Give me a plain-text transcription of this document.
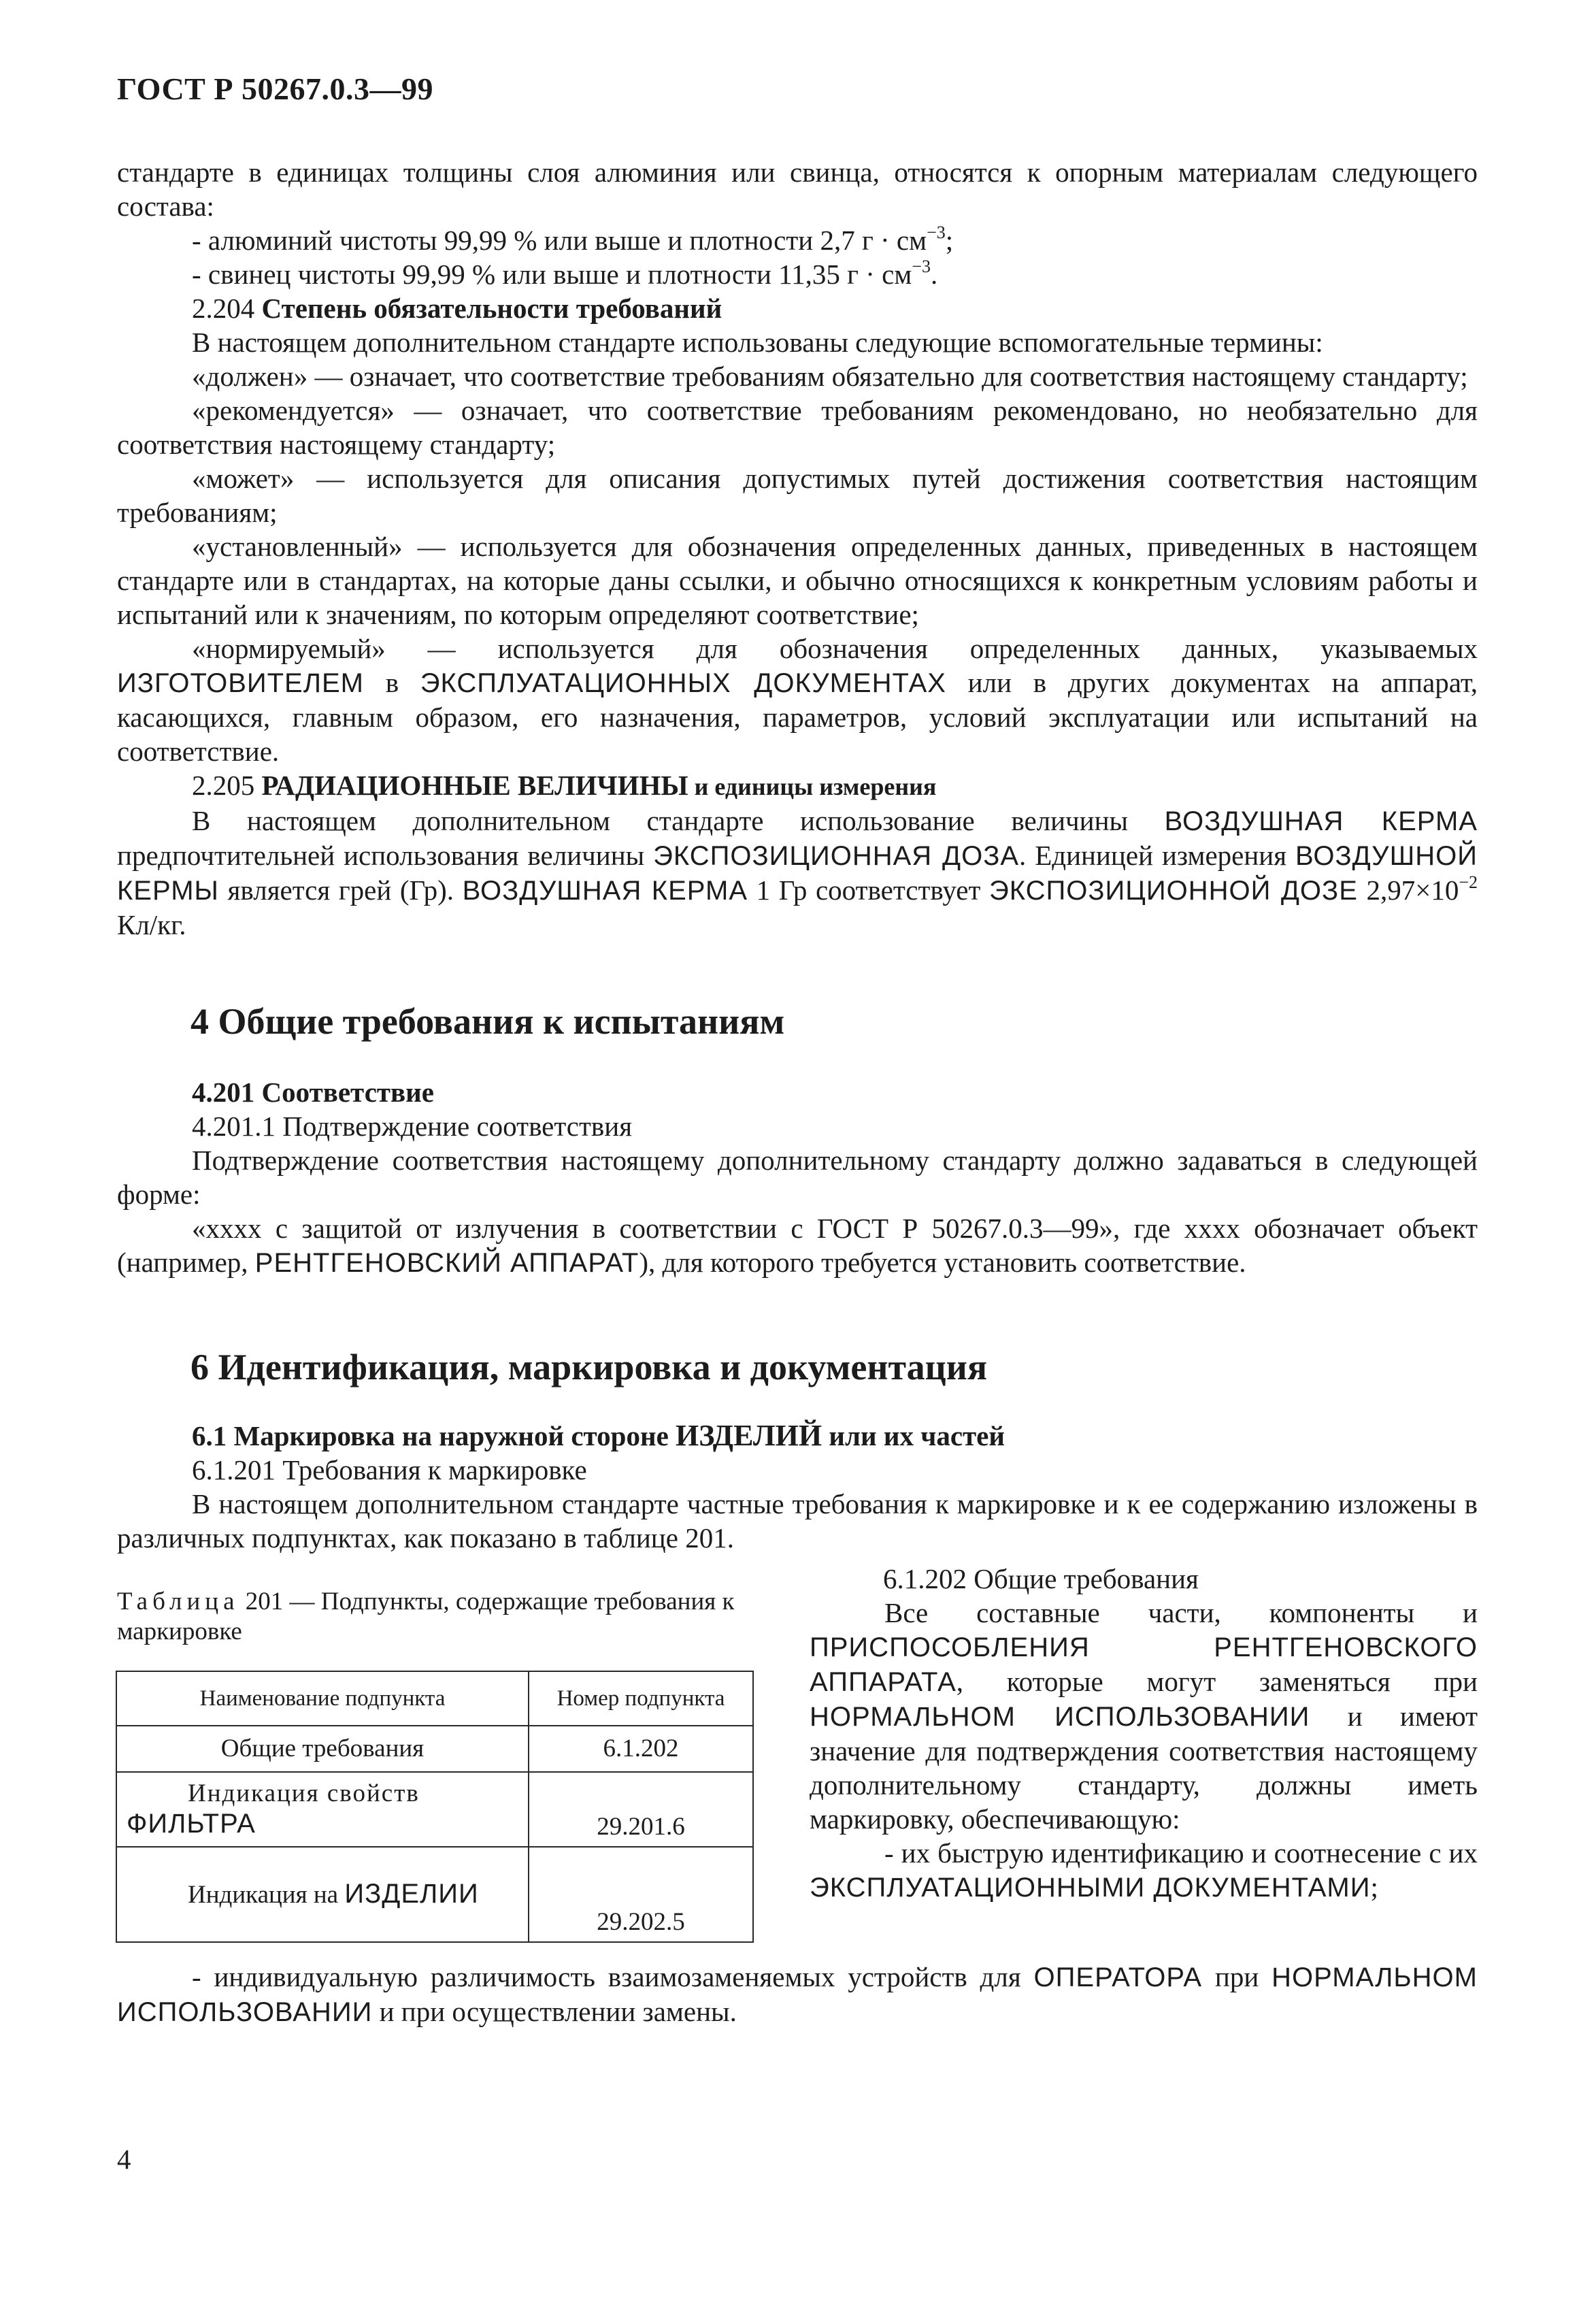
ГОСТ Р 50267.0.3—99

стандарте в единицах толщины слоя алюминия или свинца, относятся к опорным материалам следующего состава:

- алюминий чистоты 99,99 % или выше и плотности 2,7 $г \cdot см^{-3}$;

- свинец чистоты 99,99 % или выше и плотности 11,35 $г \cdot см^{-3}$.

2.204 Степень обязательности требований

В настоящем дополнительном стандарте использованы следующие вспомогательные термины:

«должен» — означает, что соответствие требованиям обязательно для соответствия настоящему стандарту;

«рекомендуется» — означает, что соответствие требованиям рекомендовано, но необязательно для соответствия настоящему стандарту;

«может» — используется для описания допустимых путей достижения соответствия настоящим требованиям;

«установленный» — используется для обозначения определенных данных, приведенных в настоящем стандарте или в стандартах, на которые даны ссылки, и обычно относящихся к конкретным условиям работы и испытаний или к значениям, по которым определяют соответствие;

«нормируемый» — используется для обозначения определенных данных, указываемых ИЗГОТОВИТЕЛЕМ в ЭКСПЛУАТАЦИОННЫХ ДОКУМЕНТАХ или в других документах на аппарат, касающихся, главным образом, его назначения, параметров, условий эксплуатации или испытаний на соответствие.

2.205 РАДИАЦИОННЫЕ ВЕЛИЧИНЫ и единицы измерения

В настоящем дополнительном стандарте использование величины ВОЗДУШНАЯ КЕРМА предпочтительней использования величины ЭКСПОЗИЦИОННАЯ ДОЗА. Единицей измерения ВОЗДУШНОЙ КЕРМЫ является грей (Гр). ВОЗДУШНАЯ КЕРМА 1 Гр соответствует ЭКСПОЗИЦИОННОЙ ДОЗЕ $2,97\times 10^{-2}$ Кл/кг.

4 Общие требования к испытаниям

4.201 Соответствие

4.201.1 Подтверждение соответствия

Подтверждение соответствия настоящему дополнительному стандарту должно задаваться в следующей форме:

«хххх с защитой от излучения в соответствии с ГОСТ Р 50267.0.3—99», где хххх обозначает объект (например, РЕНТГЕНОВСКИЙ АППАРАТ), для которого требуется установить соответствие.

6 Идентификация, маркировка и документация

6.1 Маркировка на наружной стороне ИЗДЕЛИЙ или их частей

6.1.201 Требования к маркировке

В настоящем дополнительном стандарте частные требования к маркировке и к ее содержанию изложены в различных подпунктах, как показано в таблице 201.

Таблица 201 — Подпункты, содержащие требования к маркировке
Наименование подпункта	Номер подпункта
Общие требования	6.1.202
Индикация свойств
ФИЛЬТРА	29.201.6
Индикация на ИЗДЕЛИИ	29.202.5

6.1.202 Общие требования

Все составные части, компоненты и ПРИСПОСОБЛЕНИЯ РЕНТГЕНОВСКОГО АППАРАТА, которые могут заменяться при НОРМАЛЬНОМ ИСПОЛЬЗОВАНИИ и имеют значение для подтверждения соответствия настоящему дополнительному стандарту, должны иметь маркировку, обеспечивающую:

- их быструю идентификацию и соотнесение с их ЭКСПЛУАТАЦИОННЫМИ ДОКУМЕНТАМИ;

- индивидуальную различимость взаимозаменяемых устройств для ОПЕРАТОРА при НОРМАЛЬНОМ ИСПОЛЬЗОВАНИИ и при осуществлении замены.

4
